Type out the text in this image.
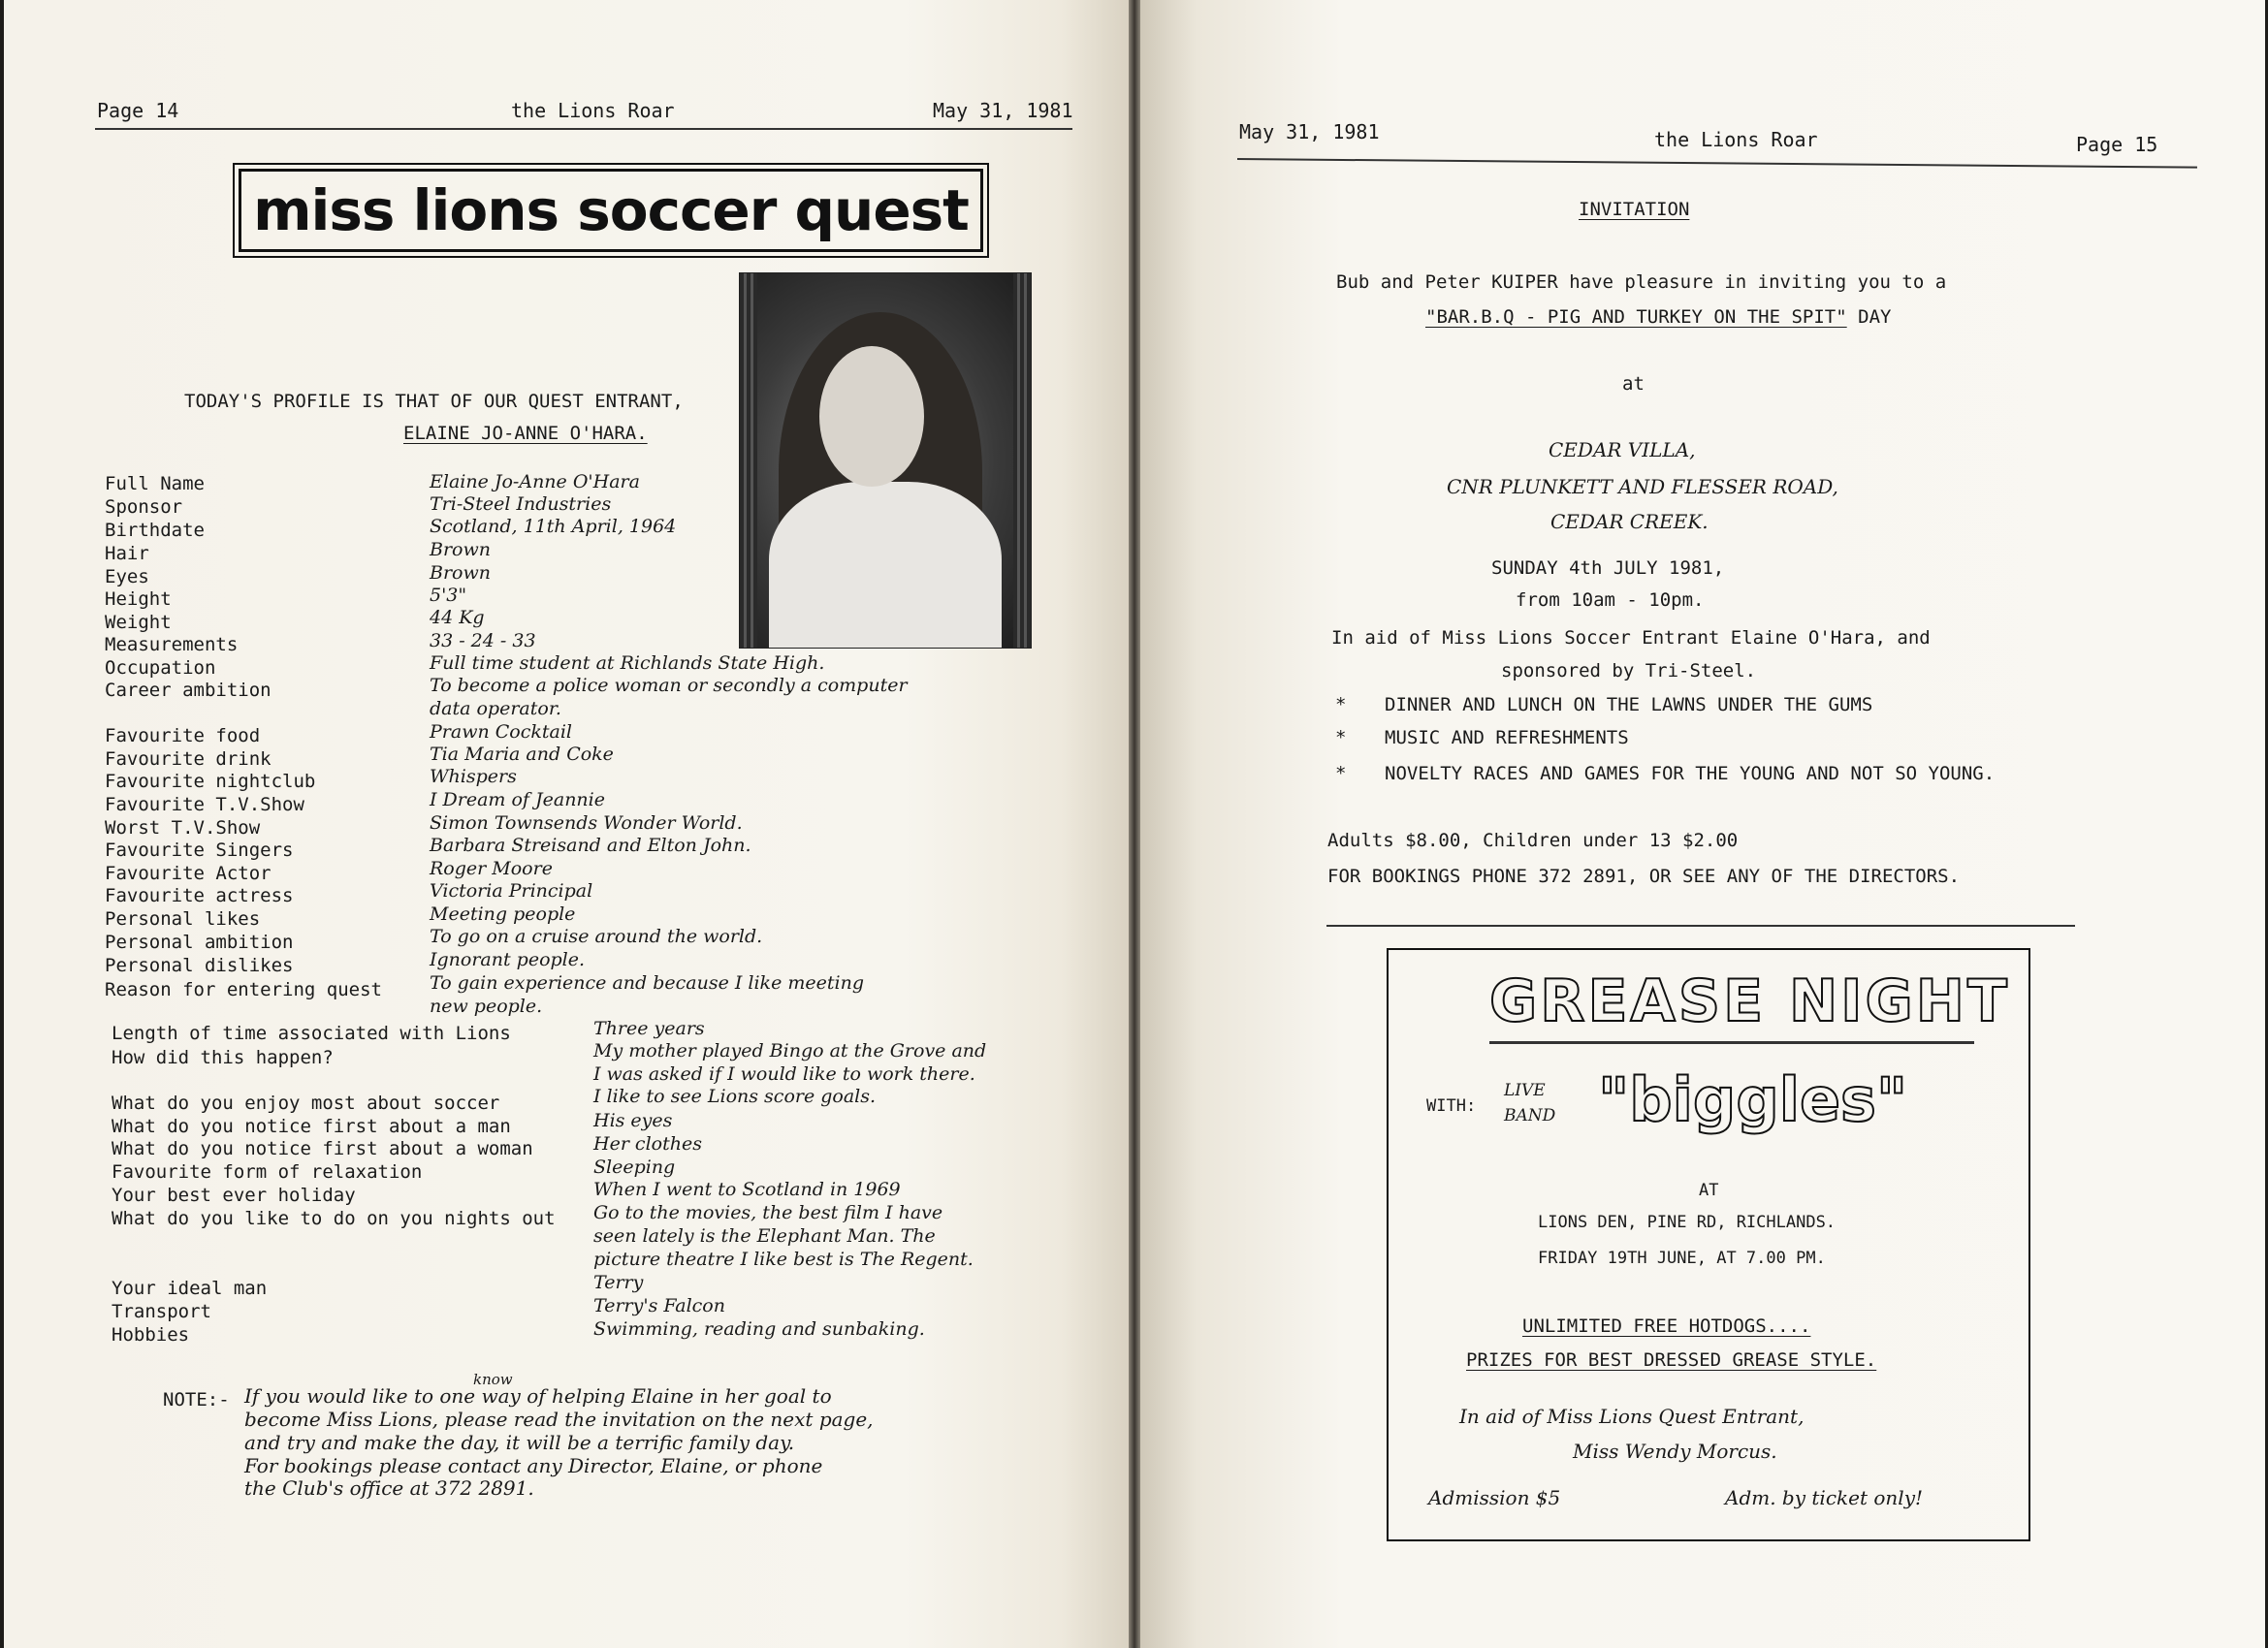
Page 14	the Lions Roar	May 31, 1981
miss lions soccer quest
TODAY'S PROFILE IS THAT OF OUR QUEST ENTRANT,
ELAINE JO-ANNE O'HARA.
Full Name	Elaine Jo-Anne O'Hara
Sponsor	Tri-Steel Industries
Birthdate	Scotland, 11th April, 1964
Hair	Brown
Eyes	Brown
Height	5'3"
Weight	44 Kg
Measurements	33 - 24 - 33
Occupation	Full time student at Richlands State High.
Career ambition	To become a police woman or secondly a computer
data operator.
Favourite food	Prawn Cocktail
Favourite drink	Tia Maria and Coke
Favourite nightclub	Whispers
Favourite T.V.Show	I Dream of Jeannie
Worst T.V.Show	Simon Townsends Wonder World.
Favourite Singers	Barbara Streisand and Elton John.
Favourite Actor	Roger Moore
Favourite actress	Victoria Principal
Personal likes	Meeting people
Personal ambition	To go on a cruise around the world.
Personal dislikes	Ignorant people.
Reason for entering quest	To gain experience and because I like meeting
new people.
Length of time associated with Lions	Three years
How did this happen?	My mother played Bingo at the Grove and
I was asked if I would like to work there.
What do you enjoy most about soccer	I like to see Lions score goals.
What do you notice first about a man	His eyes
What do you notice first about a woman	Her clothes
Favourite form of relaxation	Sleeping
Your best ever holiday	When I went to Scotland in 1969
What do you like to do on you nights out Go to the movies, the best film I have
seen lately is the Elephant Man. The
picture theatre I like best is The Regent.
Your ideal man	Terry
Transport	Terry's Falcon
Hobbies	Swimming, reading and sunbaking.
know
NOTE:- If you would like to one way of helping Elaine in her goal to
become Miss Lions, please read the invitation on the next page,
and try and make the day, it will be a terrific family day.
For bookings please contact any Director, Elaine, or phone
the Club's office at 372 2891.
May 31, 1981	the Lions Roar	Page 15
INVITATION
Bub and Peter KUIPER have pleasure in inviting you to a
"BAR.B.Q - PIG AND TURKEY ON THE SPIT" DAY
at
CEDAR VILLA,
CNR PLUNKETT AND FLESSER ROAD,
CEDAR CREEK.
SUNDAY 4th JULY 1981,
from 10am - 10pm.
In aid of Miss Lions Soccer Entrant Elaine O'Hara, and
sponsored by Tri-Steel.
* DINNER AND LUNCH ON THE LAWNS UNDER THE GUMS
* MUSIC AND REFRESHMENTS
* NOVELTY RACES AND GAMES FOR THE YOUNG AND NOT SO YOUNG.
Adults $8.00, Children under 13 $2.00
FOR BOOKINGS PHONE 372 2891, OR SEE ANY OF THE DIRECTORS.
GREASE NIGHT
WITH:
LIVE
BAND "biggles"
AT
LIONS DEN, PINE RD, RICHLANDS.
FRIDAY 19TH JUNE, AT 7.00 PM.
UNLIMITED FREE HOTDOGS....
PRIZES FOR BEST DRESSED GREASE STYLE.
In aid of Miss Lions Quest Entrant,
Miss Wendy Morcus.
Admission $5	Adm. by ticket only!
